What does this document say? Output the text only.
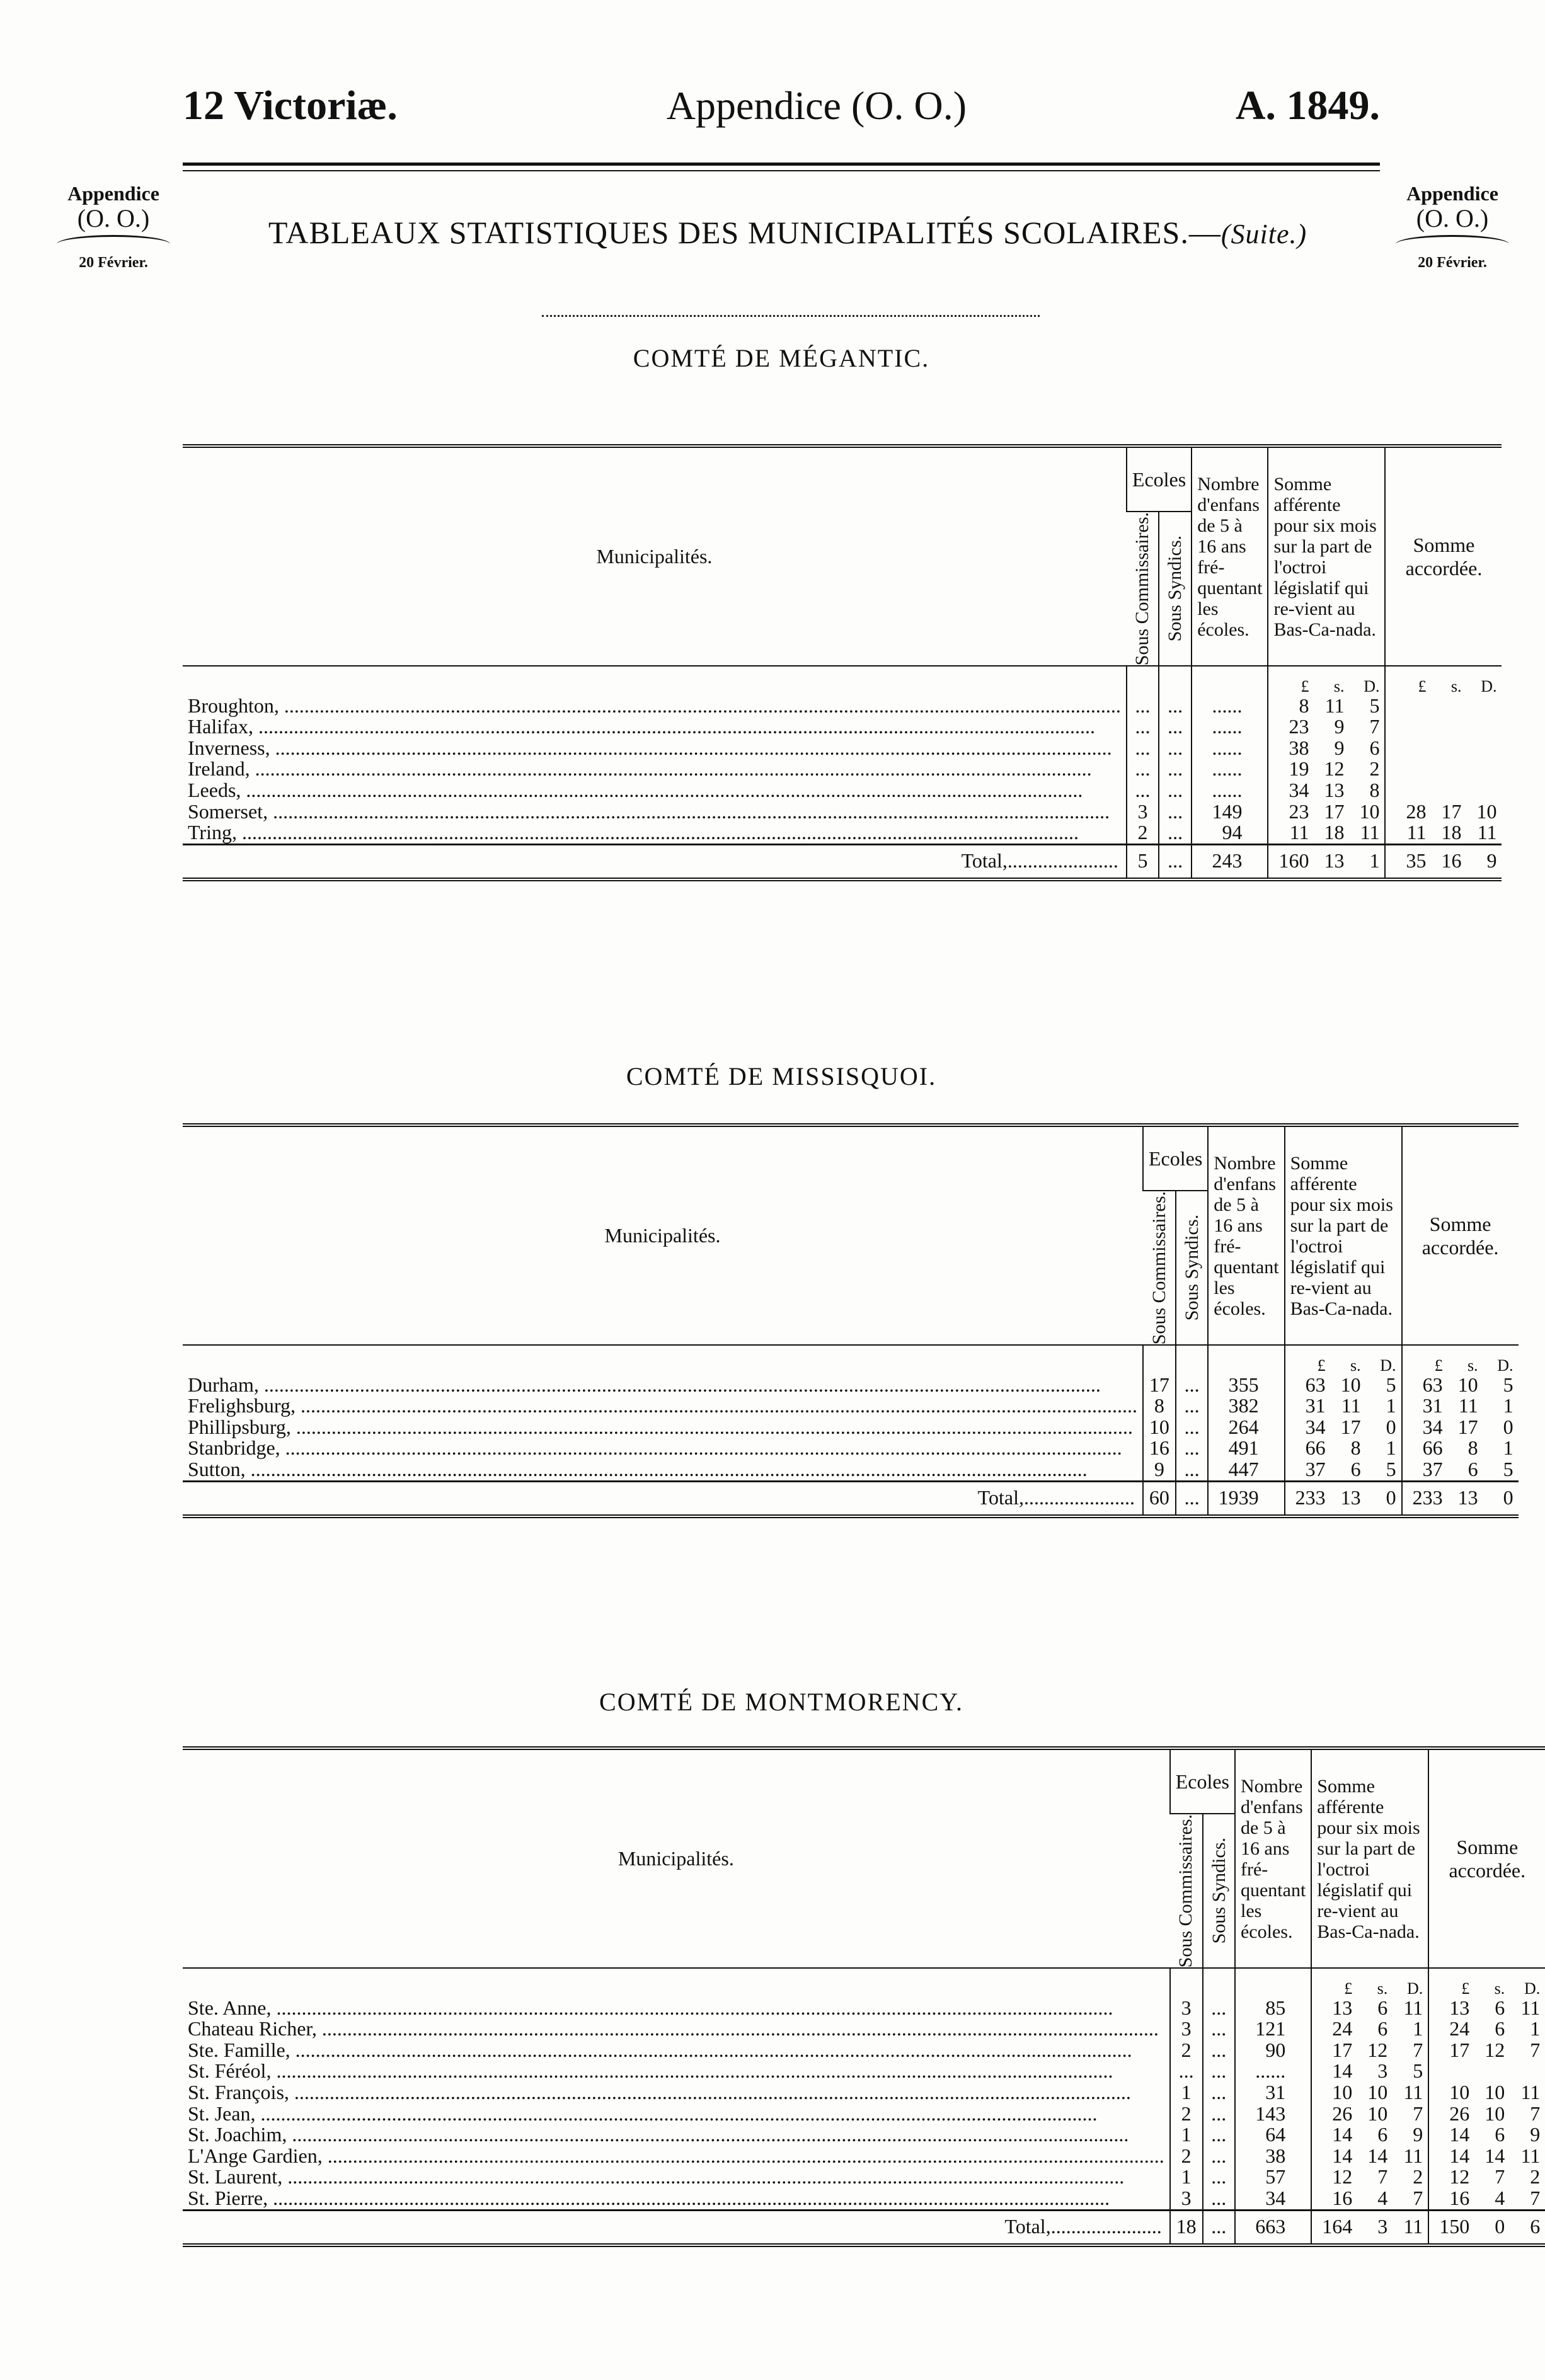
12 Victoriæ.	Appendice (O. O.)	A. 1849.
Appendice
(O. O.)
20 Février.
Appendice
(O. O.)
20 Février.
TABLEAUX STATISTIQUES DES MUNICIPALITÉS SCOLAIRES.—(Suite.)
COMTÉ DE MÉGANTIC.
Municipalités.	Ecoles		Nombre d'enfans de 5 à 16 ans fré-quentant les écoles.	Somme afférente pour six mois sur la part de l'octroi législatif qui re-vient au Bas-Ca-nada.	Somme accordée.

	Sous Commissaires.	Sous Syndics.			

				£ s. D.	£ s. D.

Broughton, .....	...	...	......	8 11 5	

Halifax, .....	...	...	......	23 9 7	

Inverness, .....	...	...	......	38 9 6	

Ireland, .....	...	...	......	19 12 2	

Leeds, .....	...	...	......	34 13 8	

Somerset, .....	3	...	149	23 17 10	28 17 10

Tring, .....	2	...	94	11 18 11	11 18 11

Total,......................	5	...	243	160 13 1	35 16 9
COMTÉ DE MISSISQUOI.
Municipalités.	Ecoles		Nombre d'enfans de 5 à 16 ans fré-quentant les écoles.	Somme afférente pour six mois sur la part de l'octroi législatif qui re-vient au Bas-Ca-nada.	Somme accordée.

	Sous Commissaires.	Sous Syndics.			

				£ s. D.	£ s. D.

Durham, .....	17	...	355	63 10 5	63 10 5

Frelighsburg, .....	8	...	382	31 11 1	31 11 1

Phillipsburg, .....	10	...	264	34 17 0	34 17 0

Stanbridge, .....	16	...	491	66 8 1	66 8 1

Sutton, .....	9	...	447	37 6 5	37 6 5

Total,......................	60	...	1939	233 13 0	233 13 0
COMTÉ DE MONTMORENCY.
Municipalités.	Ecoles		Nombre d'enfans de 5 à 16 ans fré-quentant les écoles.	Somme afférente pour six mois sur la part de l'octroi législatif qui re-vient au Bas-Ca-nada.	Somme accordée.

	Sous Commissaires.	Sous Syndics.			

				£ s. D.	£ s. D.

Ste. Anne, .....	3	...	85	13 6 11	13 6 11

Chateau Richer, .....	3	...	121	24 6 1	24 6 1

Ste. Famille, .....	2	...	90	17 12 7	17 12 7

St. Féréol, .....	...	...	......	14 3 5	

St. François, .....	1	...	31	10 10 11	10 10 11

St. Jean, .....	2	...	143	26 10 7	26 10 7

St. Joachim, .....	1	...	64	14 6 9	14 6 9

L'Ange Gardien, .....	2	...	38	14 14 11	14 14 11

St. Laurent, .....	1	...	57	12 7 2	12 7 2

St. Pierre, .....	3	...	34	16 4 7	16 4 7

Total,......................	18	...	663	164 3 11	150 0 6
